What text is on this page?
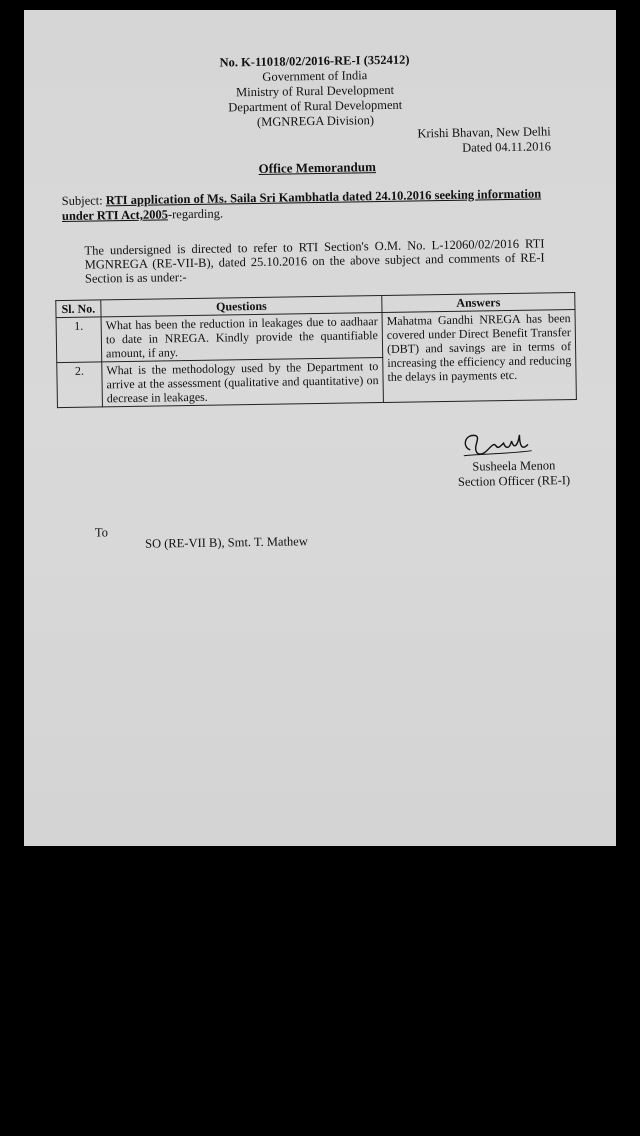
No. K-11018/02/2016-RE-I (352412)
Government of India
Ministry of Rural Development
Department of Rural Development
(MGNREGA Division)
Krishi Bhavan, New Delhi
Dated 04.11.2016
Office Memorandum
Subject: RTI application of Ms. Saila Sri Kambhatla dated 24.10.2016 seeking information under RTI Act,2005-regarding.
The undersigned is directed to refer to RTI Section's O.M. No. L-12060/02/2016 RTI MGNREGA (RE-VII-B), dated 25.10.2016 on the above subject and comments of RE-I Section is as under:-
Sl. No.	Questions	Answers
1.	What has been the reduction in leakages due to aadhaar to date in NREGA. Kindly provide the quantifiable amount, if any.	Mahatma Gandhi NREGA has been covered under Direct Benefit Transfer (DBT) and savings are in terms of increasing the efficiency and reducing the delays in payments etc.
2.	What is the methodology used by the Department to arrive at the assessment (qualitative and quantitative) on decrease in leakages.	
Susheela Menon
Section Officer (RE-I)
To
SO (RE-VII B), Smt. T. Mathew
